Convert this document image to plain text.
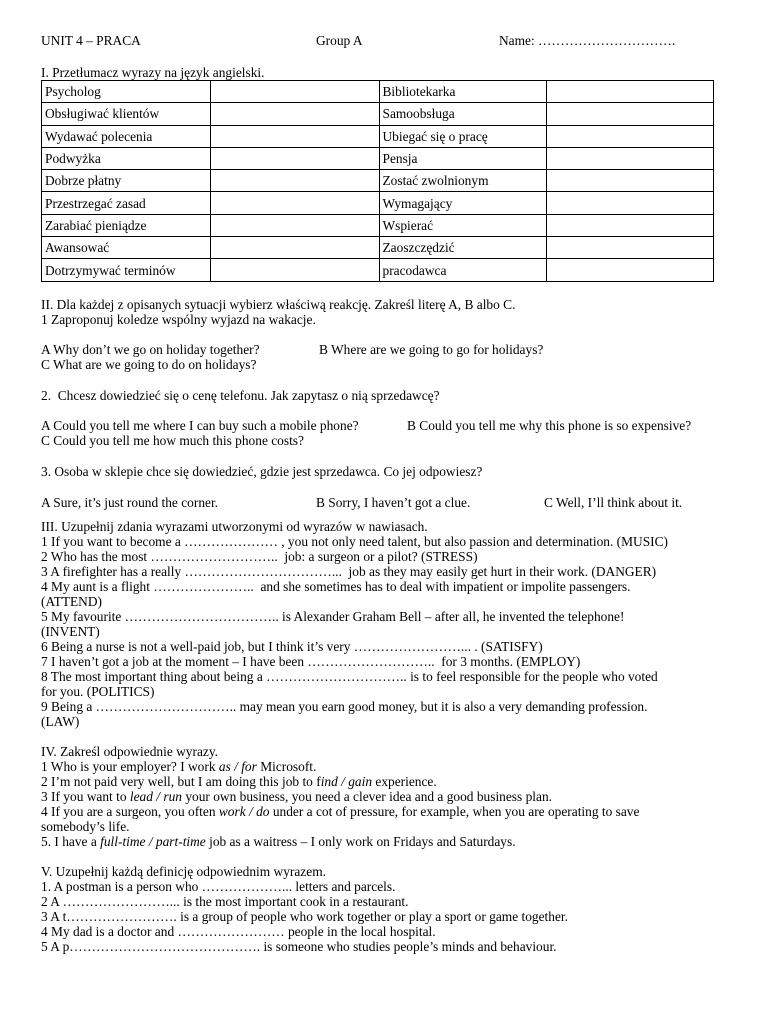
UNIT 4 – PRACA	Group A	Name: ………………………….
I. Przetłumacz wyrazy na język angielski.
Psycholog		Bibliotekarka	
Obsługiwać klientów		Samoobsługa	
Wydawać polecenia		Ubiegać się o pracę	
Podwyżka		Pensja	
Dobrze płatny		Zostać zwolnionym	
Przestrzegać zasad		Wymagający	
Zarabiać pieniądze		Wspierać	
Awansować		Zaoszczędzić	
Dotrzymywać terminów		pracodawca	
II. Dla każdej z opisanych sytuacji wybierz właściwą reakcję. Zakreśl literę A, B albo C.
1 Zaproponuj koledze wspólny wyjazd na wakacje.
A Why don’t we go on holiday together?	B Where are we going to go for holidays?
C What are we going to do on holidays?
2.  Chcesz dowiedzieć się o cenę telefonu. Jak zapytasz o nią sprzedawcę?
A Could you tell me where I can buy such a mobile phone?	B Could you tell me why this phone is so expensive?
C Could you tell me how much this phone costs?
3. Osoba w sklepie chce się dowiedzieć, gdzie jest sprzedawca. Co jej odpowiesz?
A Sure, it’s just round the corner.	B Sorry, I haven’t got a clue.	C Well, I’ll think about it.
III. Uzupełnij zdania wyrazami utworzonymi od wyrazów w nawiasach.
1 If you want to become a ………………… , you not only need talent, but also passion and determination. (MUSIC)
2 Who has the most ………………………..  job: a surgeon or a pilot? (STRESS)
3 A firefighter has a really ……………………………...  job as they may easily get hurt in their work. (DANGER)
4 My aunt is a flight …………………..  and she sometimes has to deal with impatient or impolite passengers.
(ATTEND)
5 My favourite …………………………….. is Alexander Graham Bell – after all, he invented the telephone!
(INVENT)
6 Being a nurse is not a well-paid job, but I think it’s very ……………………... . (SATISFY)
7 I haven’t got a job at the moment – I have been ………………………..  for 3 months. (EMPLOY)
8 The most important thing about being a ………………………….. is to feel responsible for the people who voted
for you. (POLITICS)
9 Being a ………………………….. may mean you earn good money, but it is also a very demanding profession.
(LAW)
IV. Zakreśl odpowiednie wyrazy.
1 Who is your employer? I work as / for Microsoft.
2 I’m not paid very well, but I am doing this job to find / gain experience.
3 If you want to lead / run your own business, you need a clever idea and a good business plan.
4 If you are a surgeon, you often work / do under a cot of pressure, for example, when you are operating to save
somebody’s life.
5. I have a full-time / part-time job as a waitress – I only work on Fridays and Saturdays.
V. Uzupełnij każdą definicję odpowiednim wyrazem.
1. A postman is a person who ………………... letters and parcels.
2 A ……………………... is the most important cook in a restaurant.
3 A t……………………. is a group of people who work together or play a sport or game together.
4 My dad is a doctor and …………………… people in the local hospital.
5 A p……………………………………. is someone who studies people’s minds and behaviour.
